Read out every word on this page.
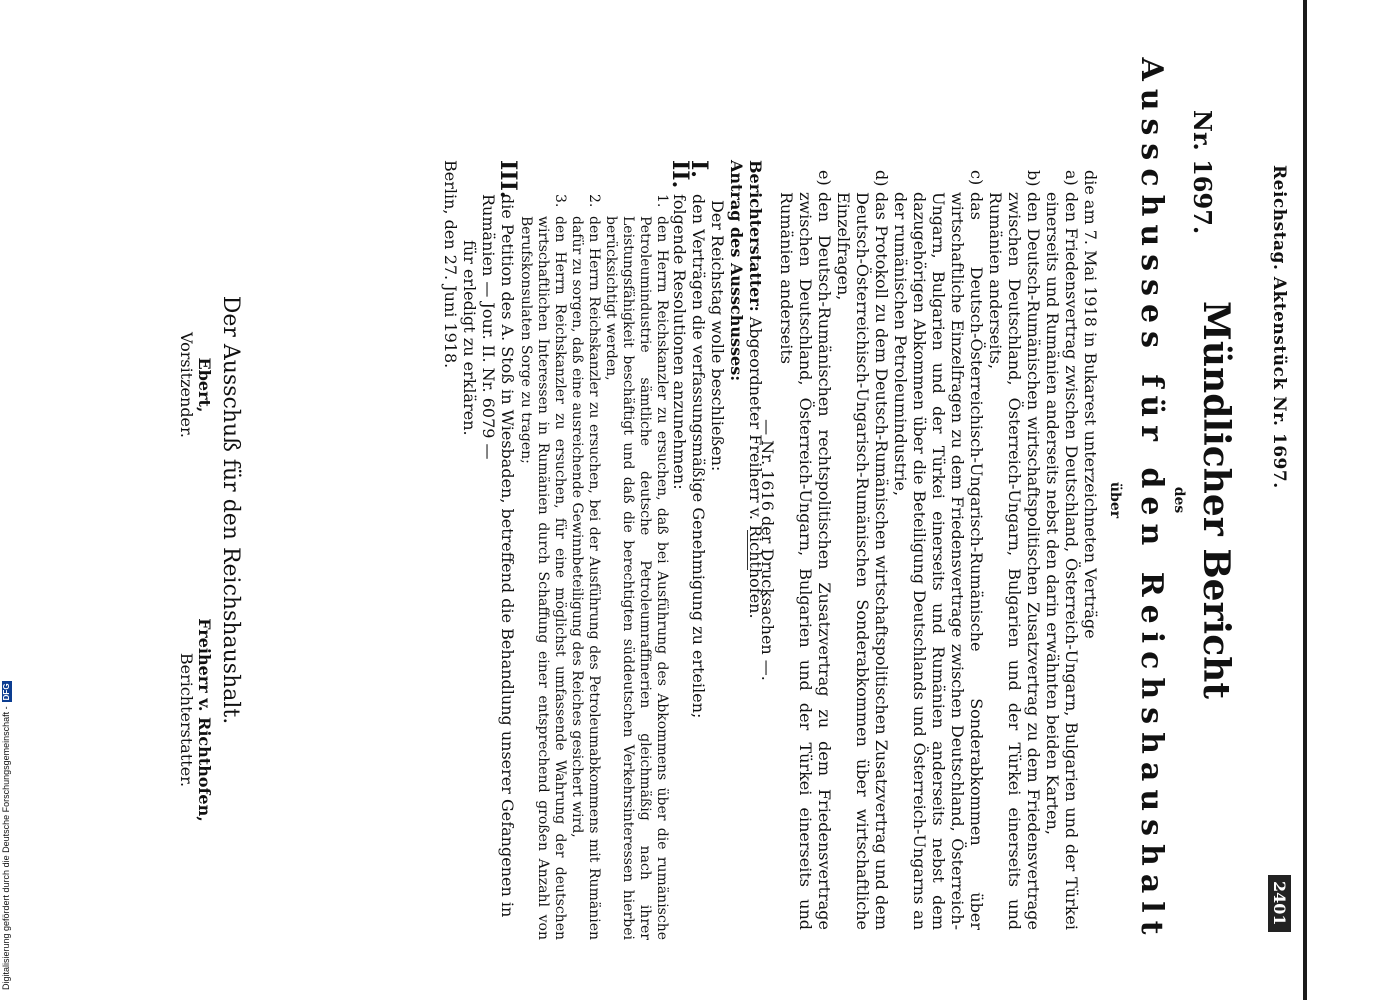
Reichstag. Aktenstück Nr. 1697.
2401
Nr. 1697.
Mündlicher Bericht
des
Ausschusses für den Reichshaushalt
über

die am 7. Mai 1918 in Bukarest unterzeichneten Verträge

a)
den Friedensvertrag zwischen Deutschland, Österreich-Ungarn, Bulgarien und der Türkei einerseits und Rumänien anderseits nebst den darin erwähnten beiden Karten,
b)
den Deutsch-Rumänischen wirtschaftspolitischen Zusatzvertrag zu dem Friedensvertrage zwischen Deutschland, Österreich-Ungarn, Bulgarien und der Türkei einerseits und Rumänien anderseits,
c)
das Deutsch-Österreichisch-Ungarisch-Rumänische Sonderabkommen über wirtschaftliche Einzelfragen zu dem Friedensvertrage zwischen Deutschland, Österreich-Ungarn, Bulgarien und der Türkei einerseits und Rumänien anderseits nebst dem dazugehörigen Abkommen über die Beteiligung Deutschlands und Österreich-Ungarns an der rumänischen Petroleumindustrie,
d)
das Protokoll zu dem Deutsch-Rumänischen wirtschaftspolitischen Zusatzvertrag und dem Deutsch-Österreichisch-Ungarisch-Rumänischen Sonderabkommen über wirtschaftliche Einzelfragen,
e)
den Deutsch-Rumänischen rechtspolitischen Zusatzvertrag zu dem Friedensvertrage zwischen Deutschland, Österreich-Ungarn, Bulgarien und der Türkei einerseits und Rumänien anderseits

— Nr. 1616 der Drucksachen —.

Berichterstatter: Abgeordneter Freiherr v. Richthofen.

Antrag des Ausschusses:

Der Reichstag wolle beschließen:

I.
den Verträgen die verfassungsmäßige Genehmigung zu erteilen;
II.
folgende Resolutionen anzunehmen:
1.
den Herrn Reichskanzler zu ersuchen, daß bei Ausführung des Abkommens über die rumänische Petroleumindustrie sämtliche deutsche Petroleumraffinerien gleichmäßig nach ihrer Leistungsfähigkeit beschäftigt und daß die berechtigten süddeutschen Verkehrsinteressen hierbei berücksichtigt werden,
2.
den Herrn Reichskanzler zu ersuchen, bei der Ausführung des Petroleumabkommens mit Rumänien dafür zu sorgen, daß eine ausreichende Gewinnbeteiligung des Reiches gesichert wird,
3.
den Herrn Reichskanzler zu ersuchen, für eine möglichst umfassende Wahrung der deutschen wirtschaftlichen Interessen in Rumänien durch Schaffung einer entsprechend großen Anzahl von Berufskonsulaten Sorge zu tragen;
III.
die Petition des A. Stoß in Wiesbaden, betreffend die Behandlung unserer Gefangenen in Rumänien — Jour. II. Nr. 6079 —

für erledigt zu erklären.

Berlin, den 27. Juni 1918.

Der Ausschuß für den Reichshaushalt.
Ebert,
Vorsitzender.
Freiherr v. Richthofen,
Berichterstatter.
Digitalisierung gefördert durch die Deutsche Forschungsgemeinschaft -DFG
